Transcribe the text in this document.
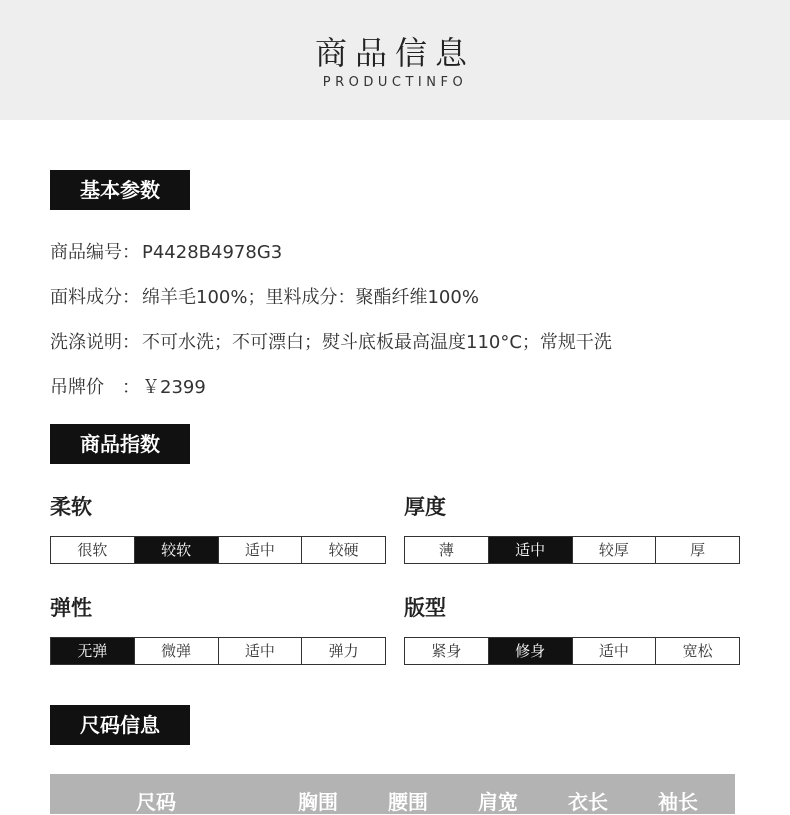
商品信息
PRODUCTINFO
基本参数
商品编号： P4428B4978G3
面料成分： 绵羊毛100%；里料成分：聚酯纤维100%
洗涤说明： 不可水洗；不可漂白；熨斗底板最高温度110°C；常规干洗
吊牌价　： ￥2399
商品指数
柔软
很软	较软	适中	较硬
厚度
薄	适中	较厚	厚
弹性
无弹	微弹	适中	弹力
版型
紧身	修身	适中	宽松
尺码信息
尺码	胸围	腰围	肩宽	衣长	袖长
